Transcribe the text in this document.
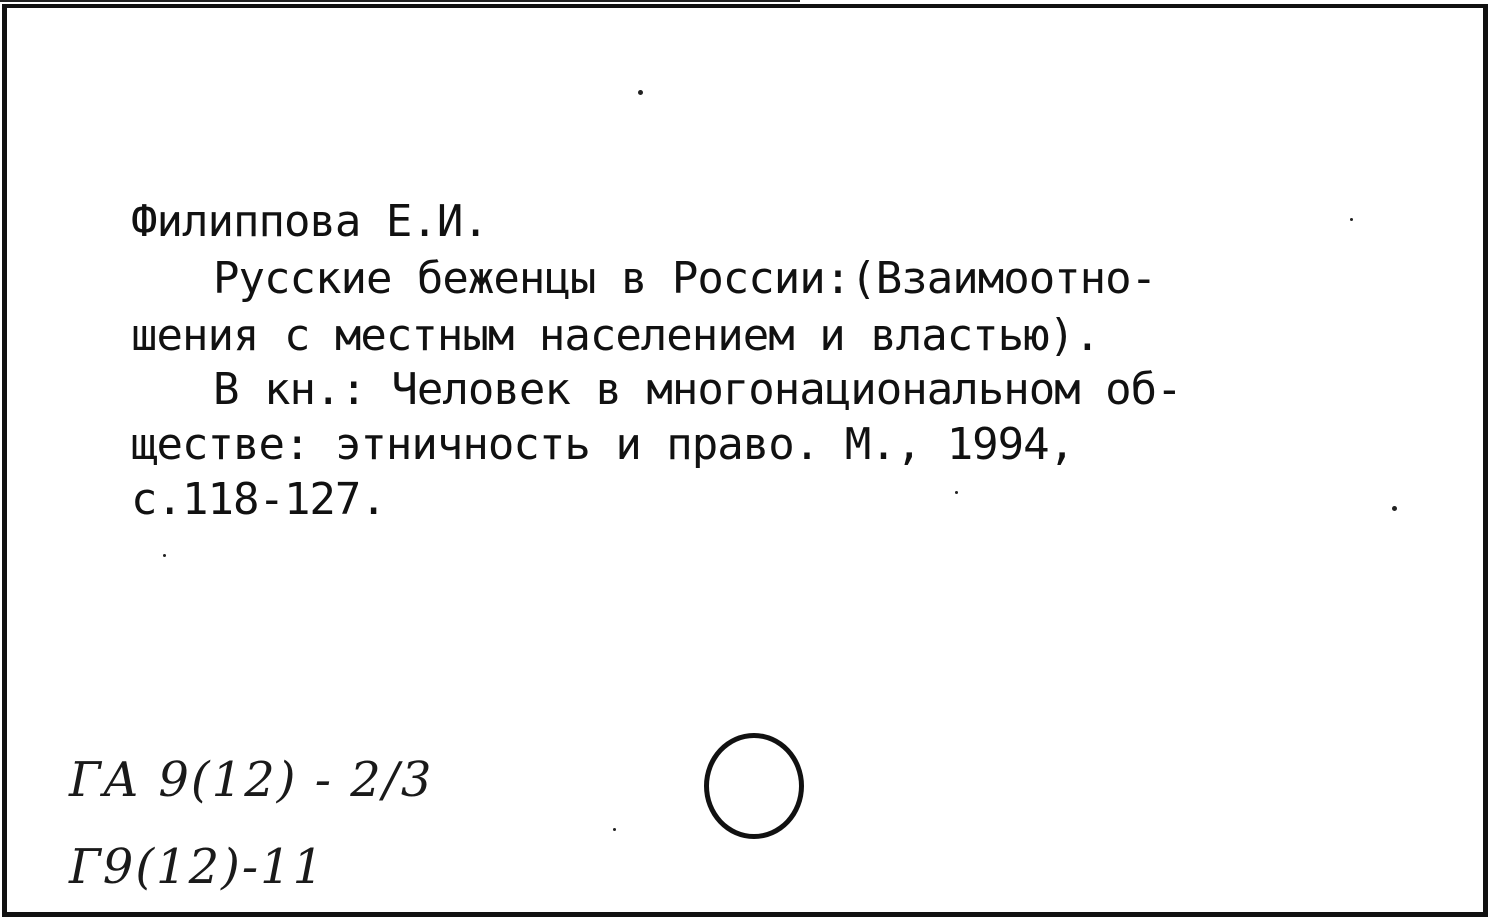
Филиппова Е.И.
Русские беженцы в России:(Взаимоотно-
шения с местным населением и властью).
В кн.: Человек в многонациональном об-
ществе: этничность и право. М., 1994,
с.118-127.
ГА 9(12) - 2/3
Г9(12)-11
